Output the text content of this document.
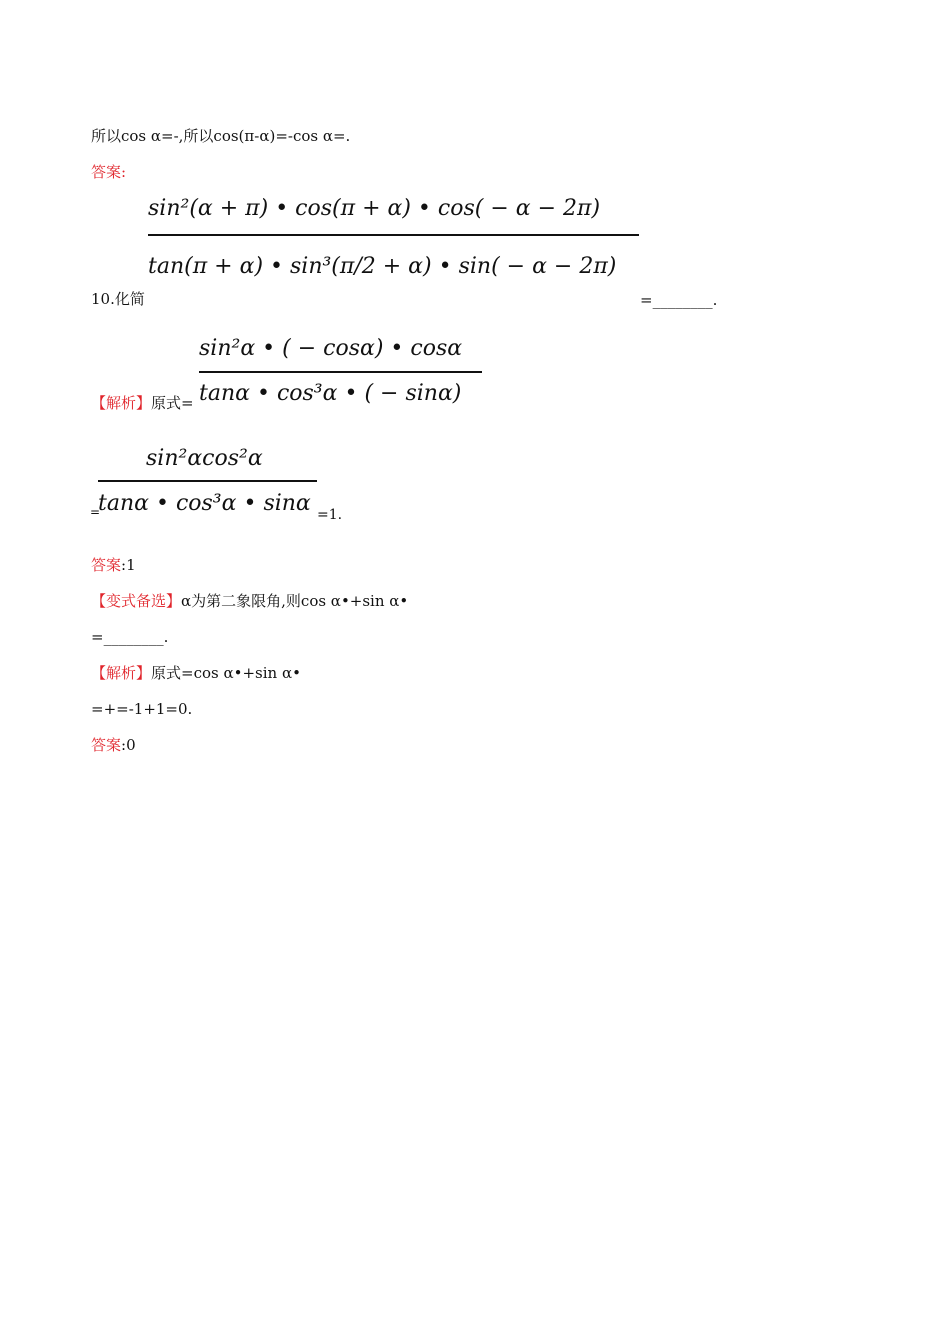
所以cos α=-,所以cos(π-α)=-cos α=.
答案:
sin²(α + π) • cos(π + α) • cos( − α − 2π)
tan(π + α) • sin³(π/2 + α) • sin( − α − 2π)
10.化简	=________.
sin²α • ( − cosα) • cosα
tanα • cos³α • ( − sinα)
【解析】原式=
sin²αcos²α
tanα • cos³α • sinα
=	=1.
答案:1
【变式备选】α为第二象限角,则cos α•+sin α•
=________.
【解析】原式=cos α•+sin α•
=+=-1+1=0.
答案:0
